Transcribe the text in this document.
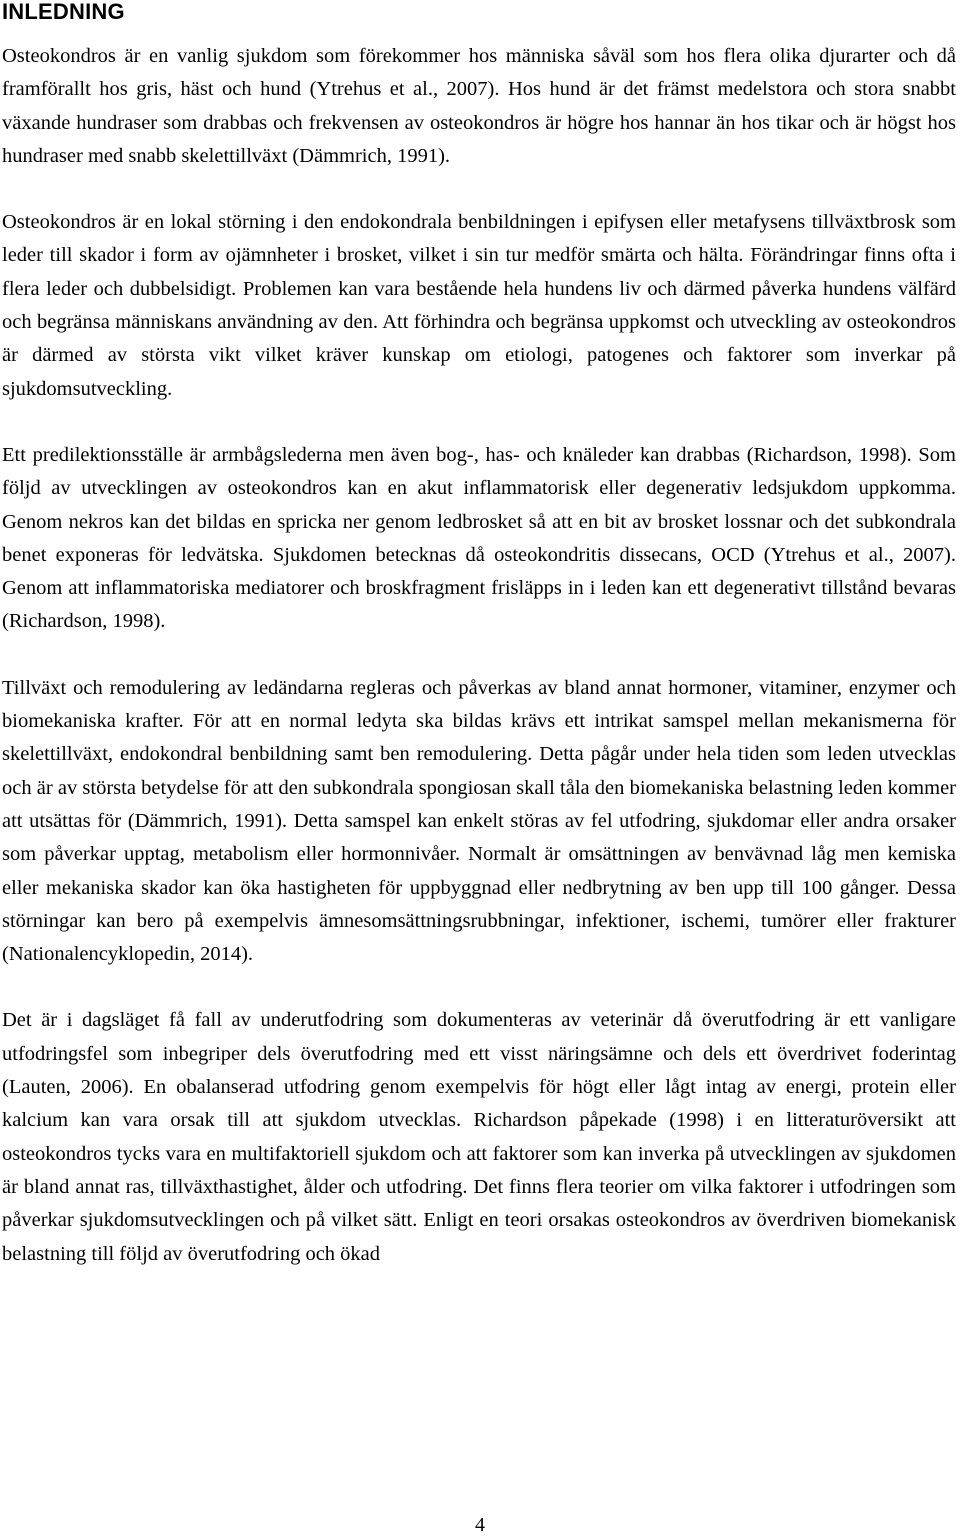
INLEDNING

Osteokondros är en vanlig sjukdom som förekommer hos människa såväl som hos flera olika djurarter och då framförallt hos gris, häst och hund (Ytrehus et al., 2007). Hos hund är det främst medelstora och stora snabbt växande hundraser som drabbas och frekvensen av osteokondros är högre hos hannar än hos tikar och är högst hos hundraser med snabb skelettillväxt (Dämmrich, 1991).

Osteokondros är en lokal störning i den endokondrala benbildningen i epifysen eller metafysens tillväxtbrosk som leder till skador i form av ojämnheter i brosket, vilket i sin tur medför smärta och hälta. Förändringar finns ofta i flera leder och dubbelsidigt. Problemen kan vara bestående hela hundens liv och därmed påverka hundens välfärd och begränsa människans användning av den. Att förhindra och begränsa uppkomst och utveckling av osteokondros är därmed av största vikt vilket kräver kunskap om etiologi, patogenes och faktorer som inverkar på sjukdomsutveckling.

Ett predilektionsställe är armbågslederna men även bog-, has- och knäleder kan drabbas (Richardson, 1998). Som följd av utvecklingen av osteokondros kan en akut inflammatorisk eller degenerativ ledsjukdom uppkomma. Genom nekros kan det bildas en spricka ner genom ledbrosket så att en bit av brosket lossnar och det subkondrala benet exponeras för ledvätska. Sjukdomen betecknas då osteokondritis dissecans, OCD (Ytrehus et al., 2007). Genom att inflammatoriska mediatorer och broskfragment frisläpps in i leden kan ett degenerativt tillstånd bevaras (Richardson, 1998).

Tillväxt och remodulering av ledändarna regleras och påverkas av bland annat hormoner, vitaminer, enzymer och biomekaniska krafter. För att en normal ledyta ska bildas krävs ett intrikat samspel mellan mekanismerna för skelettillväxt, endokondral benbildning samt ben remodulering. Detta pågår under hela tiden som leden utvecklas och är av största betydelse för att den subkondrala spongiosan skall tåla den biomekaniska belastning leden kommer att utsättas för (Dämmrich, 1991). Detta samspel kan enkelt störas av fel utfodring, sjukdomar eller andra orsaker som påverkar upptag, metabolism eller hormonnivåer. Normalt är omsättningen av benvävnad låg men kemiska eller mekaniska skador kan öka hastigheten för uppbyggnad eller nedbrytning av ben upp till 100 gånger. Dessa störningar kan bero på exempelvis ämnesomsättningsrubbningar, infektioner, ischemi, tumörer eller frakturer (Nationalencyklopedin, 2014).

Det är i dagsläget få fall av underutfodring som dokumenteras av veterinär då överutfodring är ett vanligare utfodringsfel som inbegriper dels överutfodring med ett visst näringsämne och dels ett överdrivet foderintag (Lauten, 2006). En obalanserad utfodring genom exempelvis för högt eller lågt intag av energi, protein eller kalcium kan vara orsak till att sjukdom utvecklas. Richardson påpekade (1998) i en litteraturöversikt att osteokondros tycks vara en multifaktoriell sjukdom och att faktorer som kan inverka på utvecklingen av sjukdomen är bland annat ras, tillväxthastighet, ålder och utfodring. Det finns flera teorier om vilka faktorer i utfodringen som påverkar sjukdomsutvecklingen och på vilket sätt. Enligt en teori orsakas osteokondros av överdriven biomekanisk belastning till följd av överutfodring och ökad

4
